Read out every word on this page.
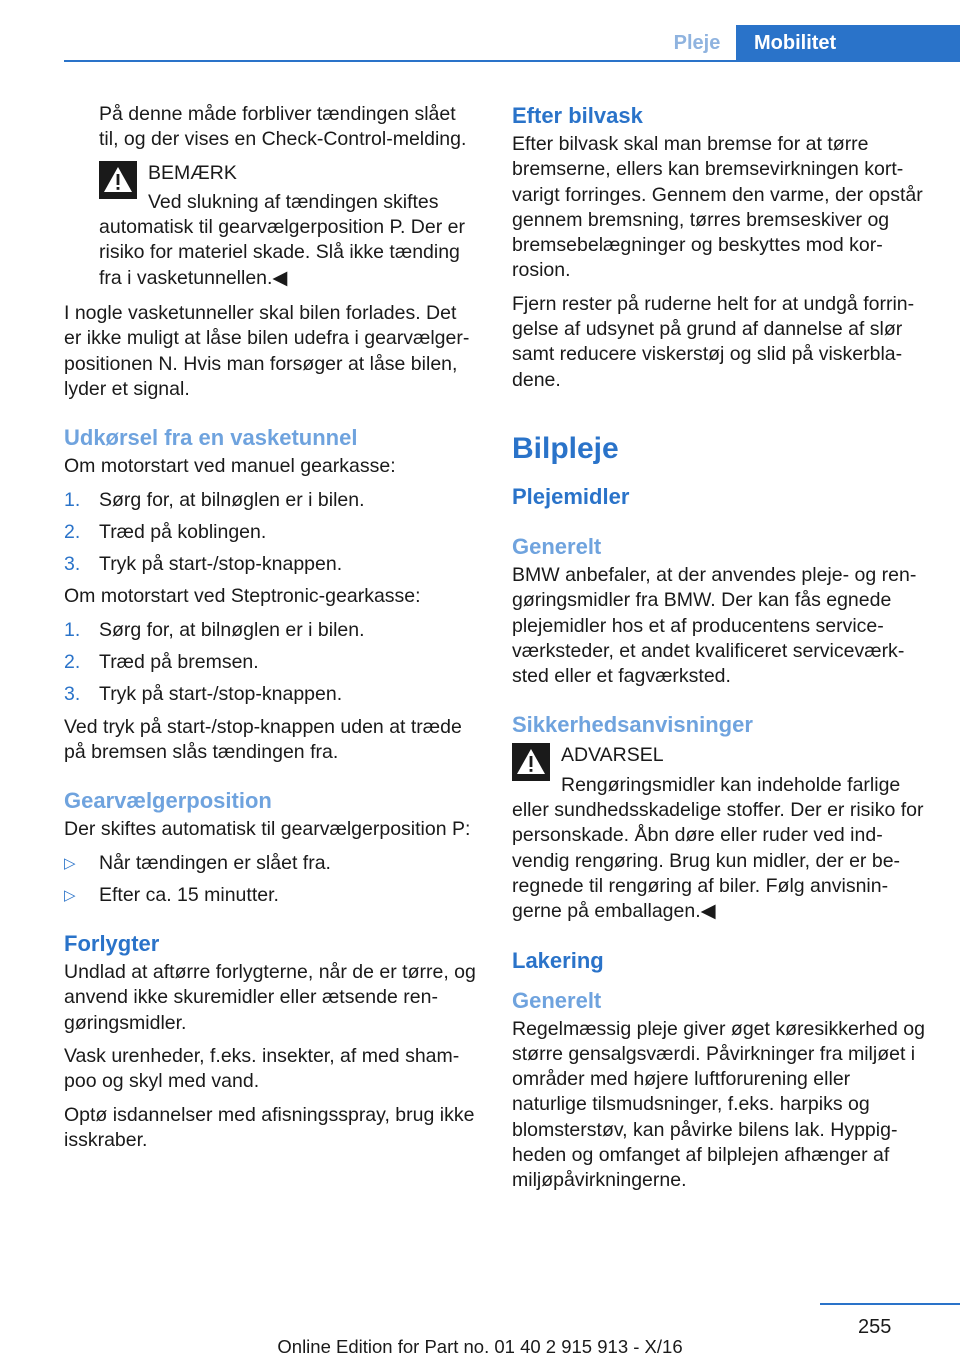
Pleje	Mobilitet

På denne måde forbliver tændingen slået til, og der vises en Check-Control-melding.

BEMÆRK

Ved slukning af tændingen skiftes automatisk til gearvælgerposition P. Der er risiko for materiel skade. Slå ikke tænding fra i vasketunnellen.◀

I nogle vasketunneller skal bilen forlades. Det er ikke muligt at låse bilen udefra i gearvælgerpositionen N. Hvis man forsøger at låse bilen, lyder et signal.

Udkørsel fra en vasketunnel

Om motorstart ved manuel gearkasse:

1. Sørg for, at bilnøglen er i bilen.
2. Træd på koblingen.
3. Tryk på start-/stop-knappen.

Om motorstart ved Steptronic-gearkasse:

1. Sørg for, at bilnøglen er i bilen.
2. Træd på bremsen.
3. Tryk på start-/stop-knappen.

Ved tryk på start-/stop-knappen uden at træde på bremsen slås tændingen fra.

Gearvælgerposition

Der skiftes automatisk til gearvælgerposition P:

▷ Når tændingen er slået fra.
▷ Efter ca. 15 minutter.
Forlygter

Undlad at aftørre forlygterne, når de er tørre, og anvend ikke skuremidler eller ætsende rengøringsmidler.

Vask urenheder, f.eks. insekter, af med shampoo og skyl med vand.

Optø isdannelser med afisningsspray, brug ikke isskraber.

Efter bilvask

Efter bilvask skal man bremse for at tørre bremserne, ellers kan bremsevirkningen kortvarigt forringes. Gennem den varme, der opstår gennem bremsning, tørres bremseskiver og bremsebelægninger og beskyttes mod korrosion.

Fjern rester på ruderne helt for at undgå forringelse af udsynet på grund af dannelse af slør samt reducere viskerstøj og slid på viskerbladene.

Bilpleje
Plejemidler
Generelt

BMW anbefaler, at der anvendes pleje- og rengøringsmidler fra BMW. Der kan fås egnede plejemidler hos et af producentens serviceværksteder, et andet kvalificeret serviceværksted eller et fagværksted.

Sikkerhedsanvisninger

ADVARSEL

Rengøringsmidler kan indeholde farlige eller sundhedsskadelige stoffer. Der er risiko for personskade. Åbn døre eller ruder ved indvendig rengøring. Brug kun midler, der er beregnede til rengøring af biler. Følg anvisningerne på emballagen.◀

Lakering
Generelt

Regelmæssig pleje giver øget køresikkerhed og større gensalgsværdi. Påvirkninger fra miljøet i områder med højere luftforurening eller naturlige tilsmudsninger, f.eks. harpiks og blomsterstøv, kan påvirke bilens lak. Hyppigheden og omfanget af bilplejen afhænger af miljøpåvirkningerne.

255
Online Edition for Part no. 01 40 2 915 913 - X/16
